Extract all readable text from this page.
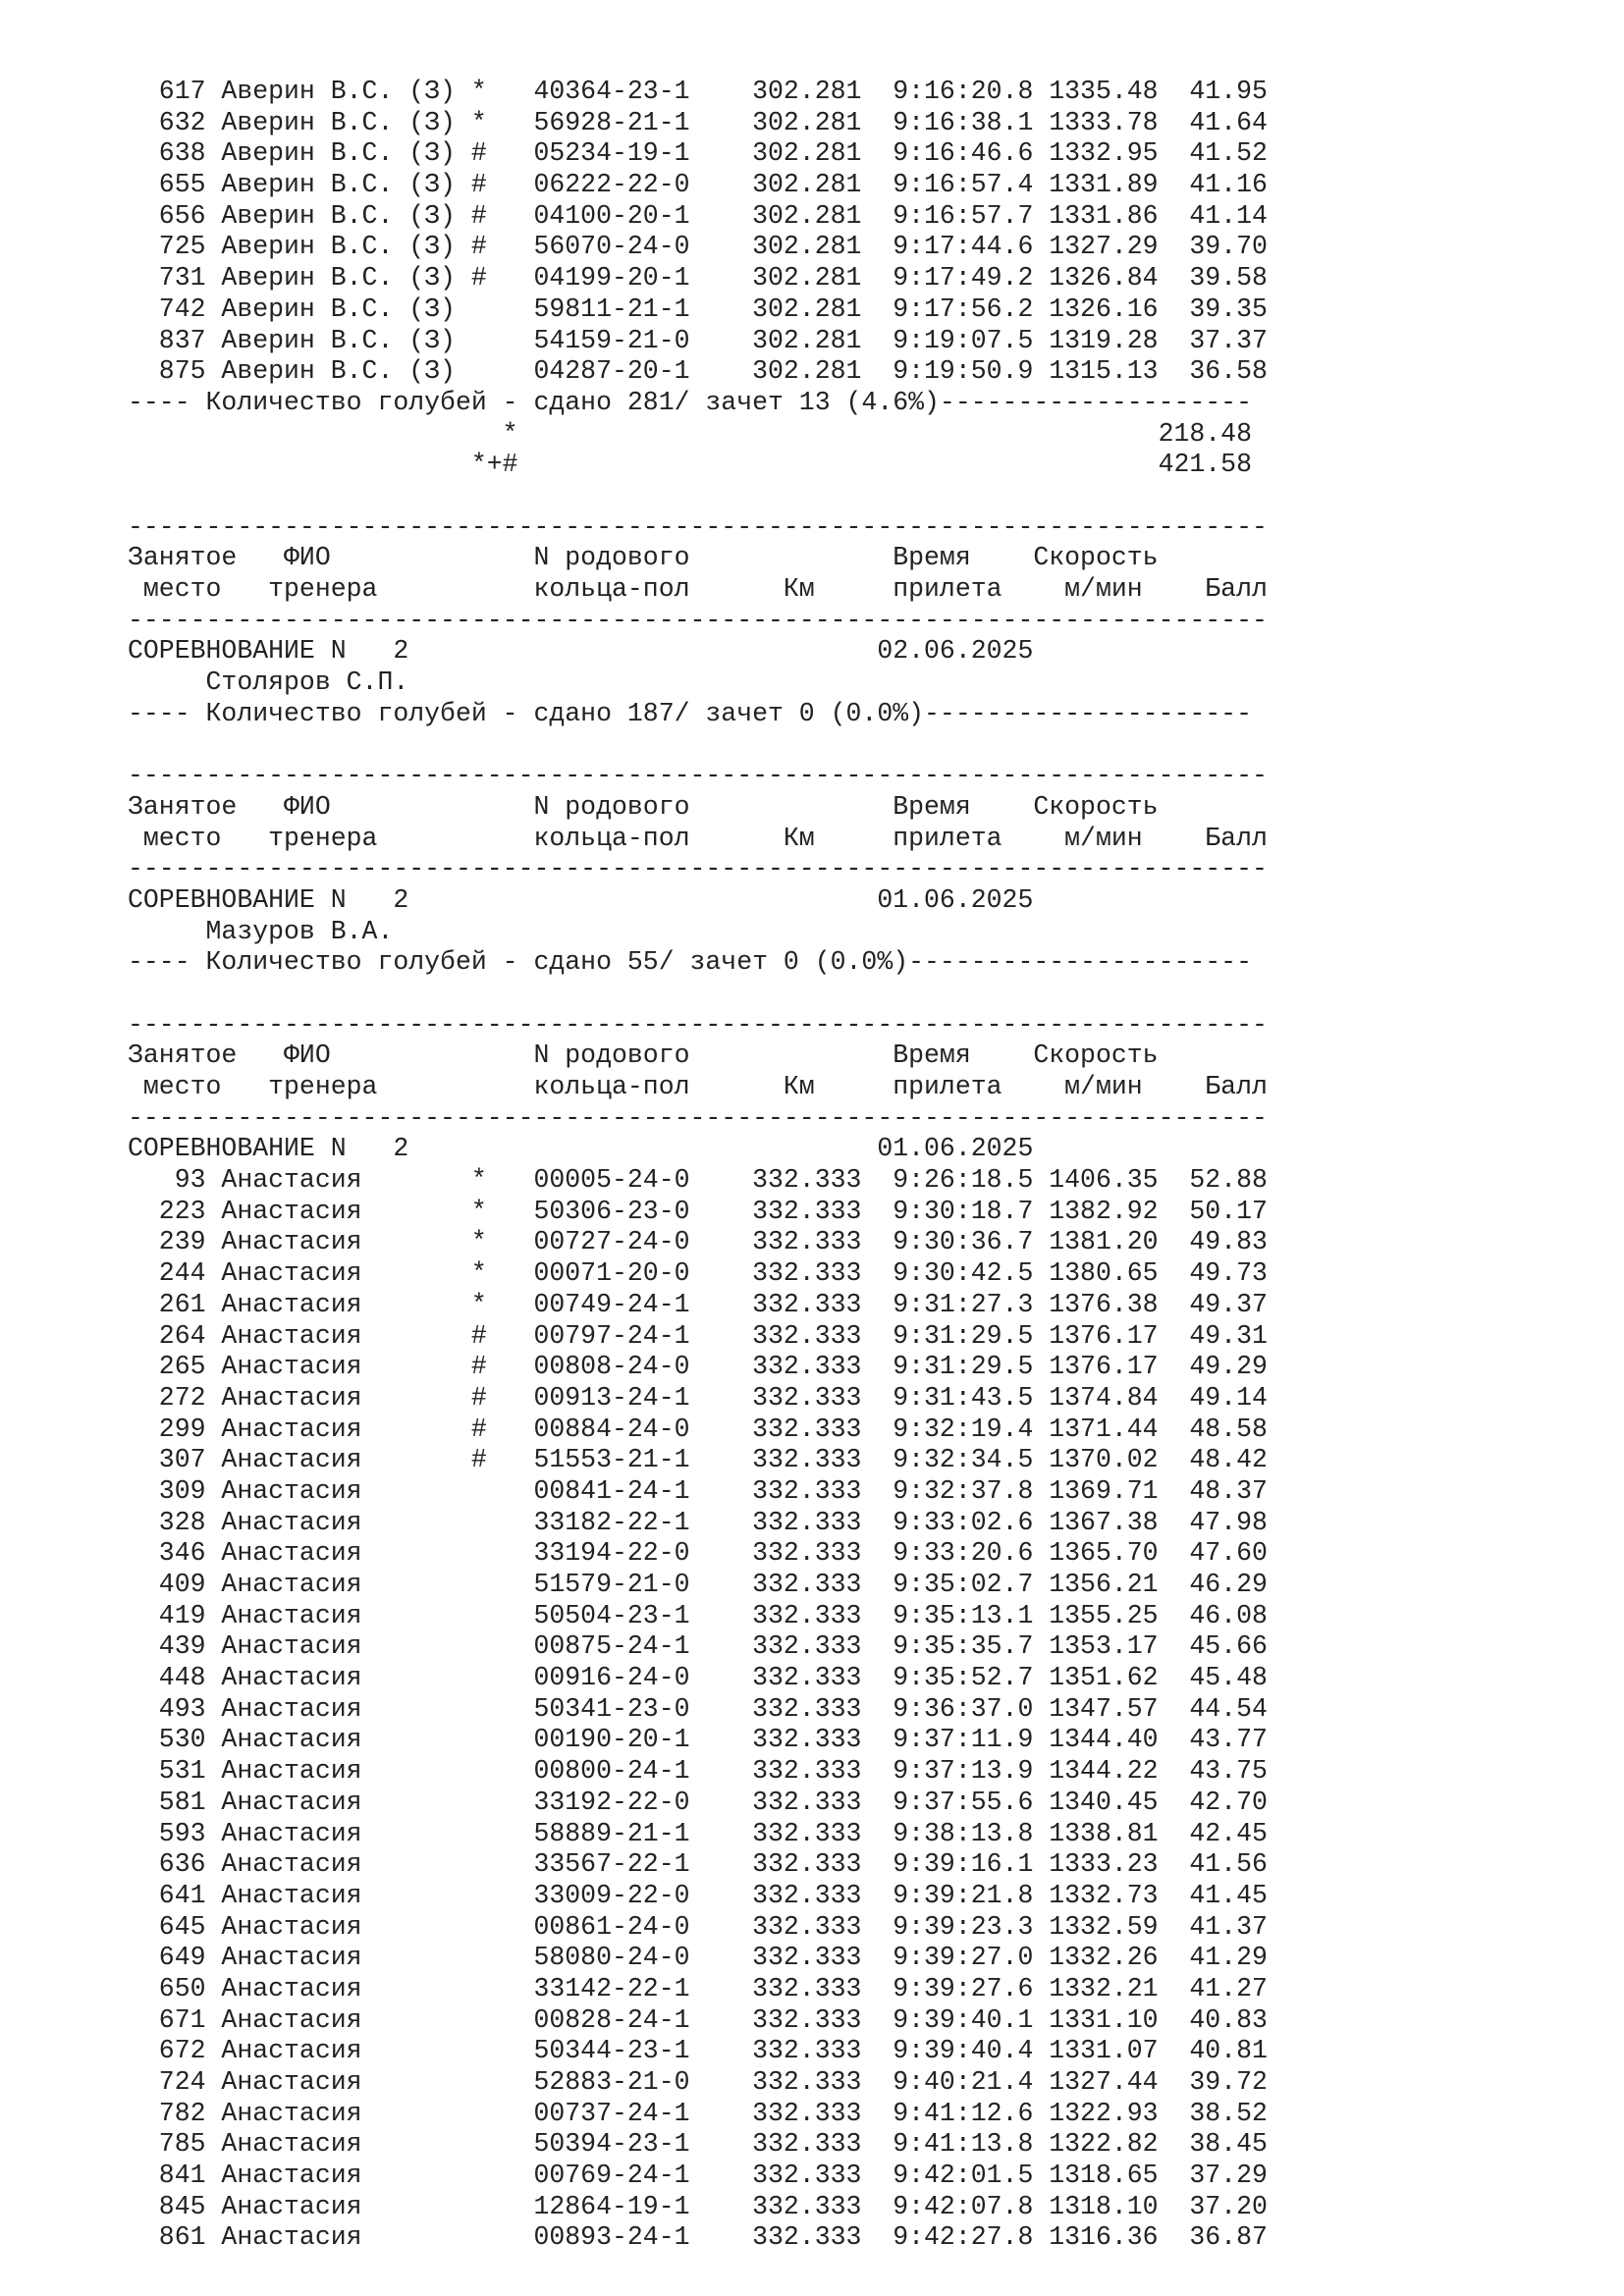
617 Аверин В.С. (З) *   40364-23-1    302.281  9:16:20.8 1335.48  41.95
632 Аверин В.С. (З) *   56928-21-1    302.281  9:16:38.1 1333.78  41.64
638 Аверин В.С. (З) #   05234-19-1    302.281  9:16:46.6 1332.95  41.52
655 Аверин В.С. (З) #   06222-22-0    302.281  9:16:57.4 1331.89  41.16
656 Аверин В.С. (З) #   04100-20-1    302.281  9:16:57.7 1331.86  41.14
725 Аверин В.С. (З) #   56070-24-0    302.281  9:17:44.6 1327.29  39.70
731 Аверин В.С. (З) #   04199-20-1    302.281  9:17:49.2 1326.84  39.58
742 Аверин В.С. (З)     59811-21-1    302.281  9:17:56.2 1326.16  39.35
837 Аверин В.С. (З)     54159-21-0    302.281  9:19:07.5 1319.28  37.37
875 Аверин В.С. (З)     04287-20-1    302.281  9:19:50.9 1315.13  36.58
---- Количество голубей - сдано 281/ зачет 13 (4.6%)--------------------
*                                         218.48
*+#                                         421.58
-------------------------------------------------------------------------
Занятое   ФИО             N родового             Время    Скорость
место   тренера          кольца-пол      Км     прилета    м/мин    Балл
-------------------------------------------------------------------------
СОРЕВНОВАНИЕ N   2                              02.06.2025
Столяров С.П.
---- Количество голубей - сдано 187/ зачет 0 (0.0%)---------------------
-------------------------------------------------------------------------
Занятое   ФИО             N родового             Время    Скорость
место   тренера          кольца-пол      Км     прилета    м/мин    Балл
-------------------------------------------------------------------------
СОРЕВНОВАНИЕ N   2                              01.06.2025
Мазуров В.А.
---- Количество голубей - сдано 55/ зачет 0 (0.0%)----------------------
-------------------------------------------------------------------------
Занятое   ФИО             N родового             Время    Скорость
место   тренера          кольца-пол      Км     прилета    м/мин    Балл
-------------------------------------------------------------------------
СОРЕВНОВАНИЕ N   2                              01.06.2025
93 Анастасия       *   00005-24-0    332.333  9:26:18.5 1406.35  52.88
223 Анастасия       *   50306-23-0    332.333  9:30:18.7 1382.92  50.17
239 Анастасия       *   00727-24-0    332.333  9:30:36.7 1381.20  49.83
244 Анастасия       *   00071-20-0    332.333  9:30:42.5 1380.65  49.73
261 Анастасия       *   00749-24-1    332.333  9:31:27.3 1376.38  49.37
264 Анастасия       #   00797-24-1    332.333  9:31:29.5 1376.17  49.31
265 Анастасия       #   00808-24-0    332.333  9:31:29.5 1376.17  49.29
272 Анастасия       #   00913-24-1    332.333  9:31:43.5 1374.84  49.14
299 Анастасия       #   00884-24-0    332.333  9:32:19.4 1371.44  48.58
307 Анастасия       #   51553-21-1    332.333  9:32:34.5 1370.02  48.42
309 Анастасия           00841-24-1    332.333  9:32:37.8 1369.71  48.37
328 Анастасия           33182-22-1    332.333  9:33:02.6 1367.38  47.98
346 Анастасия           33194-22-0    332.333  9:33:20.6 1365.70  47.60
409 Анастасия           51579-21-0    332.333  9:35:02.7 1356.21  46.29
419 Анастасия           50504-23-1    332.333  9:35:13.1 1355.25  46.08
439 Анастасия           00875-24-1    332.333  9:35:35.7 1353.17  45.66
448 Анастасия           00916-24-0    332.333  9:35:52.7 1351.62  45.48
493 Анастасия           50341-23-0    332.333  9:36:37.0 1347.57  44.54
530 Анастасия           00190-20-1    332.333  9:37:11.9 1344.40  43.77
531 Анастасия           00800-24-1    332.333  9:37:13.9 1344.22  43.75
581 Анастасия           33192-22-0    332.333  9:37:55.6 1340.45  42.70
593 Анастасия           58889-21-1    332.333  9:38:13.8 1338.81  42.45
636 Анастасия           33567-22-1    332.333  9:39:16.1 1333.23  41.56
641 Анастасия           33009-22-0    332.333  9:39:21.8 1332.73  41.45
645 Анастасия           00861-24-0    332.333  9:39:23.3 1332.59  41.37
649 Анастасия           58080-24-0    332.333  9:39:27.0 1332.26  41.29
650 Анастасия           33142-22-1    332.333  9:39:27.6 1332.21  41.27
671 Анастасия           00828-24-1    332.333  9:39:40.1 1331.10  40.83
672 Анастасия           50344-23-1    332.333  9:39:40.4 1331.07  40.81
724 Анастасия           52883-21-0    332.333  9:40:21.4 1327.44  39.72
782 Анастасия           00737-24-1    332.333  9:41:12.6 1322.93  38.52
785 Анастасия           50394-23-1    332.333  9:41:13.8 1322.82  38.45
841 Анастасия           00769-24-1    332.333  9:42:01.5 1318.65  37.29
845 Анастасия           12864-19-1    332.333  9:42:07.8 1318.10  37.20
861 Анастасия           00893-24-1    332.333  9:42:27.8 1316.36  36.87
